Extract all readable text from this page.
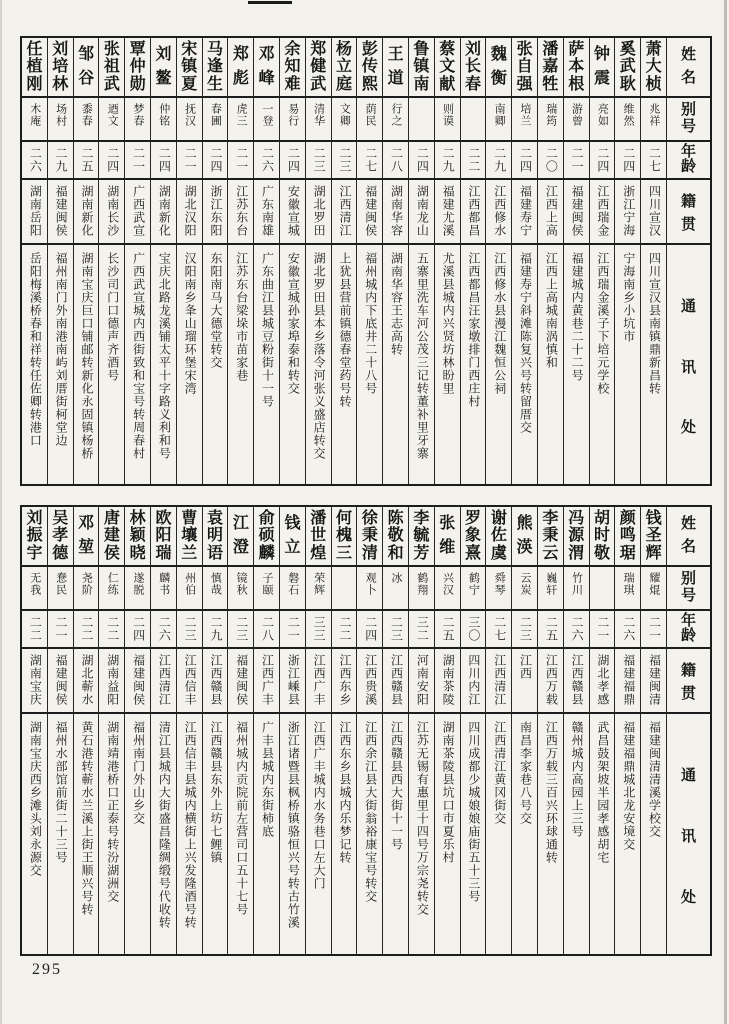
姓
名
别
号
年
龄
籍
贯
通
讯
处
萧
大
桢
兆祥
二七
四川宣汉
四川宣汉县南镇鼎新昌转
奚
武
耿
维然
二四
浙江宁海
宁海南乡小坑市
钟
震
亮如
二四
江西瑞金
江西瑞金溪子下培元学校
萨
本
根
游曾
二一
福建闽侯
福建城内黄巷二十二号
潘
嘉
牲
瑞筠
二〇
江西上高
江西上高城南涡慎和
张
自
强
培兰
二四
福建寿宁
福建寿宁斜滩陈复兴号转留厝交
魏
衡
南卿
二九
江西修水
江西修水县漫江魏恒公祠
刘
长
春
二二
江西都昌
江西都昌汪家墩排门西庄村
蔡
文
献
则谟
二九
福建尤溪
尤溪县城内兴贤坊林盼里
鲁
镇
南
二四
湖南龙山
五寨里洗车河公茂三记转董补里牙寨
王
道
行之
二八
湖南华容
湖南华容王志高转
彭
传
熙
荫民
二七
福建闽侯
福州城内下底井二十八号
杨
立
庭
文卿
二三
江西清江
上犹县营前镇德春堂药号转
郑
健
武
清华
二三
湖北罗田
湖北罗田县本乡落令河张义盛店转交
余
知
难
易行
二四
安徽宣城
安徽宣城孙家埠泰和转交
邓
峰
一登
二六
广东南雄
广东曲江县城豆粉街十一号
郑
彪
虎三
二一
江苏东台
江苏东台梁垛市苗家巷
马
逢
生
春圃
二四
浙江东阳
东阳南马大德堂转交
宋
镇
夏
抚汉
二一
湖北汉阳
汉阳南乡夆山瑠环堡宋湾
刘
鳌
仲铭
二四
湖南新化
宝庆北路龙溪铺太平十字路义利和号
覃
仲
勋
梦春
二一
广西武宣
广西武宣城内西街致和宝号转周春村
张
祖
武
迺文
二四
湖南长沙
长沙司门口德声齐酒号
邹
谷
黍春
二五
湖南新化
湖南宝庆巨口铺邮转新化永固镇杨桥
刘
培
林
场村
二九
福建闽侯
福州南门外南港南屿刘厝街柯堂边
任
植
刚
木庵
二六
湖南岳阳
岳阳梅溪桥春和祥转任佐卿转港口
姓
名
别
号
年
龄
籍
贯
通
讯
处
钱
圣
辉
耀焜
二一
福建闽清
福建闽清清溪学校交
颜
鸣
琚
瑞琪
二六
福建福鼎
福建福鼎城北龙安境交
胡
时
敬
二一
湖北孝感
武昌鼓架坡半园孝感胡宅
冯
源
渭
竹川
二六
江西赣县
赣州城内高园上三号
李
秉
云
巍轩
二五
江西万载
江西万载三百兴环球通转
熊
渶
云炭
二三
江西
南昌李家巷八号交
谢
佐
虞
舜琴
二七
江西清江
江西清江黄冈街交
罗
象
熹
鹤宁
三〇
四川内江
四川成都少城娘娘庙街五十三号
张
维
兴汉
二五
湖南茶陵
湖南茶陵县坑口市夏乐村
李
毓
芳
鹤翔
三二
河南安阳
江苏无锡有惠里十四号万宗尧转交
陈
敬
和
冰
二三
江西赣县
江西赣县西大街十一号
徐
秉
清
观卜
二四
江西贵溪
江西余江县大街翁裕康宝号转交
何
槐
三
二二
江西东乡
江西东乡县城内乐梦记转
潘
世
煌
荣辉
三三
江西广丰
江西广丰城内水务巷口左大门
钱
立
磐石
二一
浙江嵊县
浙江诸暨县枫桥镇骆恒兴号转古竹溪
俞
硕
麟
子颐
二八
江西广丰
广丰县城内东街柿底
江
澄
镜秋
二三
福建闽侯
福州城内贡院前左营司口五十七号
袁
明
语
慎哉
二九
江西赣县
江西赣县东外上坊七鲤镇
曹
壤
兰
州伯
二三
江西信丰
江西信丰县城内横街上兴发隆酒号转
欧
阳
瑞
麟书
二六
江西清江
清江县城内大街盛昌隆绸缎号代收转
林
颖
晓
遂脱
二四
福建闽侯
福州南门外山乡交
唐
建
侯
仁练
二二
湖南益阳
湖南靖港桥口正泰号转汾湖洲交
邓
堃
尧阶
二二
湖北蕲水
黄石港转蕲水兰溪上街王顺兴号转
吴
孝
德
惷民
二一
福建闽侯
福州水部馆前街二十三号
刘
振
宇
无我
二二
湖南宝庆
湖南宝庆西乡滩头刘永源交
295
